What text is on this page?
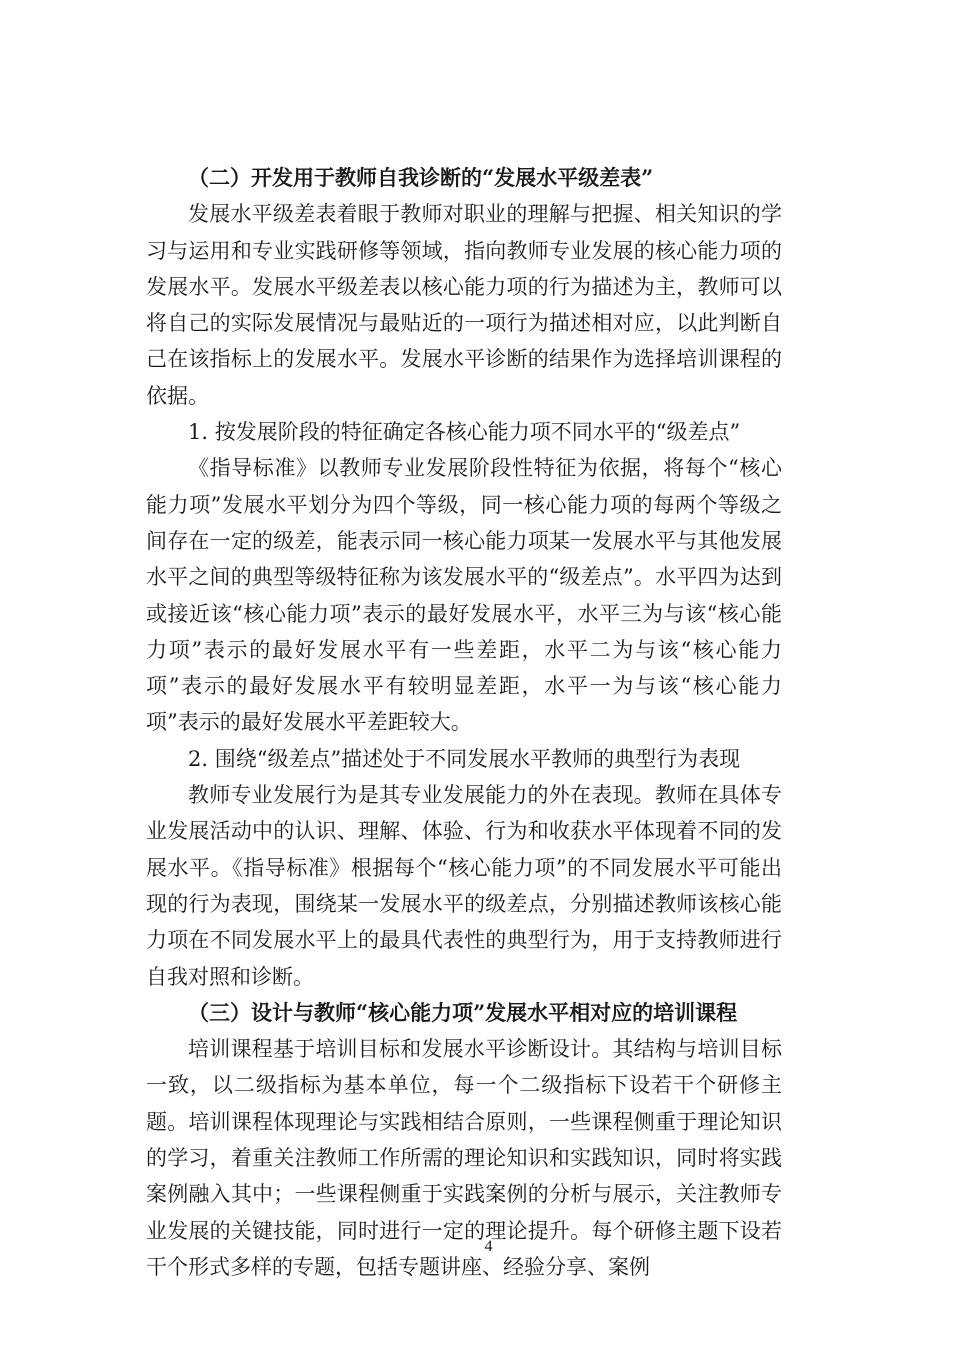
（二）开发用于教师自我诊断的“发展水平级差表”

发展水平级差表着眼于教师对职业的理解与把握、相关知识的学习与运用和专业实践研修等领域，指向教师专业发展的核心能力项的发展水平。发展水平级差表以核心能力项的行为描述为主，教师可以将自己的实际发展情况与最贴近的一项行为描述相对应，以此判断自己在该指标上的发展水平。发展水平诊断的结果作为选择培训课程的依据。

1. 按发展阶段的特征确定各核心能力项不同水平的“级差点”

《指导标准》以教师专业发展阶段性特征为依据，将每个“核心能力项”发展水平划分为四个等级，同一核心能力项的每两个等级之间存在一定的级差，能表示同一核心能力项某一发展水平与其他发展水平之间的典型等级特征称为该发展水平的“级差点”。水平四为达到或接近该“核心能力项”表示的最好发展水平，水平三为与该“核心能力项”表示的最好发展水平有一些差距，水平二为与该“核心能力项”表示的最好发展水平有较明显差距，水平一为与该“核心能力项”表示的最好发展水平差距较大。

2. 围绕“级差点”描述处于不同发展水平教师的典型行为表现

教师专业发展行为是其专业发展能力的外在表现。教师在具体专业发展活动中的认识、理解、体验、行为和收获水平体现着不同的发展水平。《指导标准》根据每个“核心能力项”的不同发展水平可能出现的行为表现，围绕某一发展水平的级差点，分别描述教师该核心能力项在不同发展水平上的最具代表性的典型行为，用于支持教师进行自我对照和诊断。

（三）设计与教师“核心能力项”发展水平相对应的培训课程

培训课程基于培训目标和发展水平诊断设计。其结构与培训目标一致，以二级指标为基本单位，每一个二级指标下设若干个研修主题。培训课程体现理论与实践相结合原则，一些课程侧重于理论知识的学习，着重关注教师工作所需的理论知识和实践知识，同时将实践案例融入其中；一些课程侧重于实践案例的分析与展示，关注教师专业发展的关键技能，同时进行一定的理论提升。每个研修主题下设若干个形式多样的专题，包括专题讲座、经验分享、案例

4
